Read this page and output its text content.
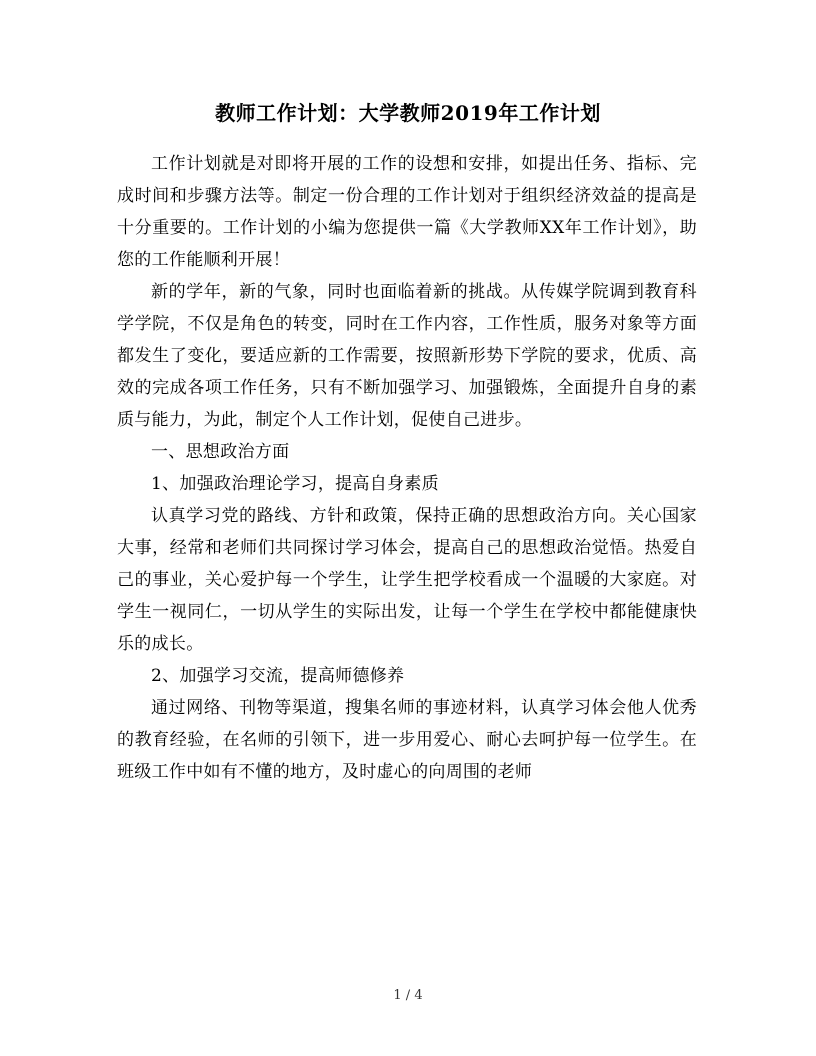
教师工作计划：大学教师2019年工作计划

工作计划就是对即将开展的工作的设想和安排，如提出任务、指标、完成时间和步骤方法等。制定一份合理的工作计划对于组织经济效益的提高是十分重要的。工作计划的小编为您提供一篇《大学教师XX年工作计划》，助您的工作能顺利开展！

新的学年，新的气象，同时也面临着新的挑战。从传媒学院调到教育科学学院，不仅是角色的转变，同时在工作内容，工作性质，服务对象等方面都发生了变化，要适应新的工作需要，按照新形势下学院的要求，优质、高效的完成各项工作任务，只有不断加强学习、加强锻炼，全面提升自身的素质与能力，为此，制定个人工作计划，促使自己进步。

一、思想政治方面

1、加强政治理论学习，提高自身素质

认真学习党的路线、方针和政策，保持正确的思想政治方向。关心国家大事，经常和老师们共同探讨学习体会，提高自己的思想政治觉悟。热爱自己的事业，关心爱护每一个学生，让学生把学校看成一个温暖的大家庭。对学生一视同仁，一切从学生的实际出发，让每一个学生在学校中都能健康快乐的成长。

2、加强学习交流，提高师德修养

通过网络、刊物等渠道，搜集名师的事迹材料，认真学习体会他人优秀的教育经验，在名师的引领下，进一步用爱心、耐心去呵护每一位学生。在班级工作中如有不懂的地方，及时虚心的向周围的老师

1 / 4
